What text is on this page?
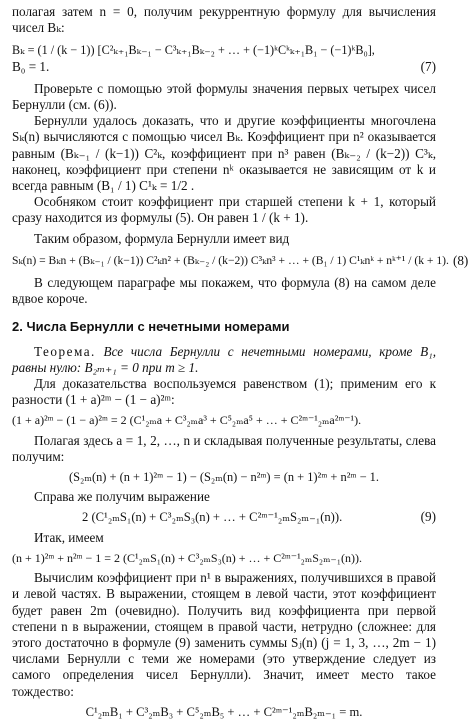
полагая затем n = 0, получим рекуррентную формулу для вычисления чисел Bₖ:

Bₖ = (1 / (k − 1)) [C²ₖ₊₁Bₖ₋₁ − C³ₖ₊₁Bₖ₋₂ + … + (−1)ᵏCᵏₖ₊₁B₁ − (−1)ᵏB₀],
B₀ = 1.	(7)

Проверьте с помощью этой формулы значения первых четырех чисел Бернулли (см. (6)).

Бернулли удалось доказать, что и другие коэффициенты многочлена Sₖ(n) вычисляются с помощью чисел Bₖ. Коэффициент при n² оказывается равным (Bₖ₋₁ / (k−1)) C²ₖ, коэффициент при n³ равен (Bₖ₋₂ / (k−2)) C³ₖ, наконец, коэффициент при степени nᵏ оказывается не зависящим от k и всегда равным (B₁ / 1) C¹ₖ = 1/2 .

Особняком стоит коэффициент при старшей степени k + 1, который сразу находится из формулы (5). Он равен 1 / (k + 1).

Таким образом, формула Бернулли имеет вид

Sₖ(n) = Bₖn + (Bₖ₋₁ / (k−1)) C²ₖn² + (Bₖ₋₂ / (k−2)) C³ₖn³ + … + (B₁ / 1) C¹ₖnᵏ + nᵏ⁺¹ / (k + 1). (8)

В следующем параграфе мы покажем, что формула (8) на самом деле вдвое короче.

2. Числа Бернулли с нечетными номерами

Теорема. Все числа Бернулли с нечетными номерами, кроме B₁, равны нулю: B₂ₘ₊₁ = 0 при m ≥ 1.

Для доказательства воспользуемся равенством (1); применим его к разности (1 + a)²ᵐ − (1 − a)²ᵐ:

(1 + a)²ᵐ − (1 − a)²ᵐ = 2 (C¹₂ₘa + C³₂ₘa³ + C⁵₂ₘa⁵ + … + C²ᵐ⁻¹₂ₘa²ᵐ⁻¹).

Полагая здесь a = 1, 2, …, n и складывая полученные результаты, слева получим:

(S₂ₘ(n) + (n + 1)²ᵐ − 1) − (S₂ₘ(n) − n²ᵐ) = (n + 1)²ᵐ + n²ᵐ − 1.

Справа же получим выражение

2 (C¹₂ₘS₁(n) + C³₂ₘS₃(n) + … + C²ᵐ⁻¹₂ₘS₂ₘ₋₁(n)).	(9)

Итак, имеем

(n + 1)²ᵐ + n²ᵐ − 1 = 2 (C¹₂ₘS₁(n) + C³₂ₘS₃(n) + … + C²ᵐ⁻¹₂ₘS₂ₘ₋₁(n)).

Вычислим коэффициент при n¹ в выражениях, получившихся в правой и левой частях. В выражении, стоящем в левой части, этот коэффициент будет равен 2m (очевидно). Получить вид коэффициента при первой степени n в выражении, стоящем в правой части, нетрудно (сложнее: для этого достаточно в формуле (9) заменить суммы Sⱼ(n) (j = 1, 3, …, 2m − 1) числами Бернулли с теми же номерами (это утверждение следует из самого определения чисел Бернулли). Значит, имеет место такое тождество:

C¹₂ₘB₁ + C³₂ₘB₃ + C⁵₂ₘB₅ + … + C²ᵐ⁻¹₂ₘB₂ₘ₋₁ = m.
